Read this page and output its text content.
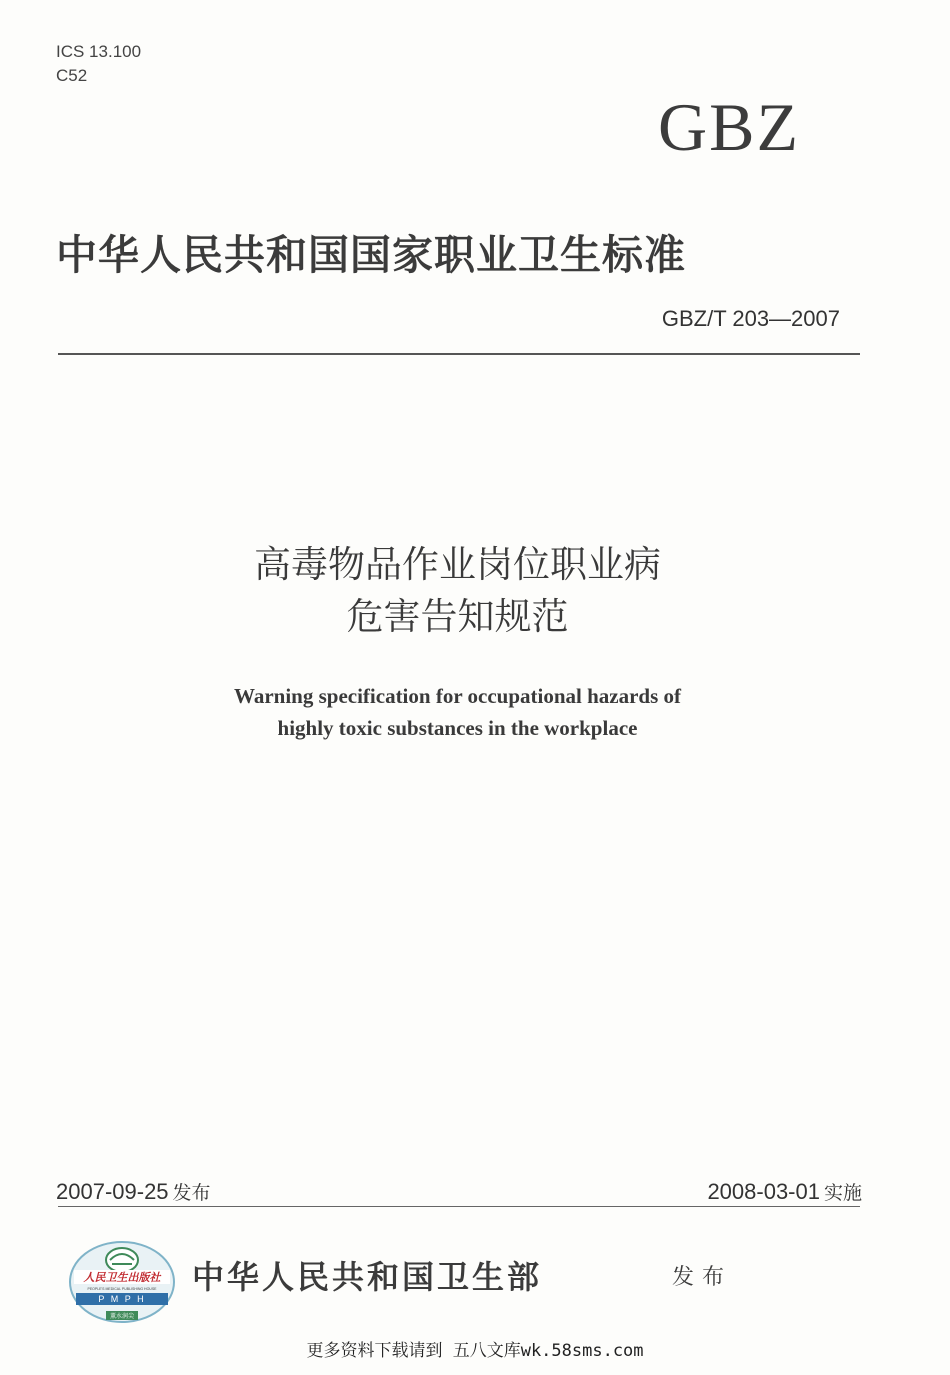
ICS 13.100
C52
GBZ
中华人民共和国国家职业卫生标准
GBZ/T 203—2007
高毒物品作业岗位职业病
危害告知规范
Warning specification for occupational hazards of
highly toxic substances in the workplace
2007-09-25 发布	2008-03-01 实施
人民卫生出版社
PEOPLE'S MEDICAL PUBLISHING HOUSE
P M P H
薰水润尖
中华人民共和国卫生部	发布
更多资料下载请到 五八文库wk.58sms.com
